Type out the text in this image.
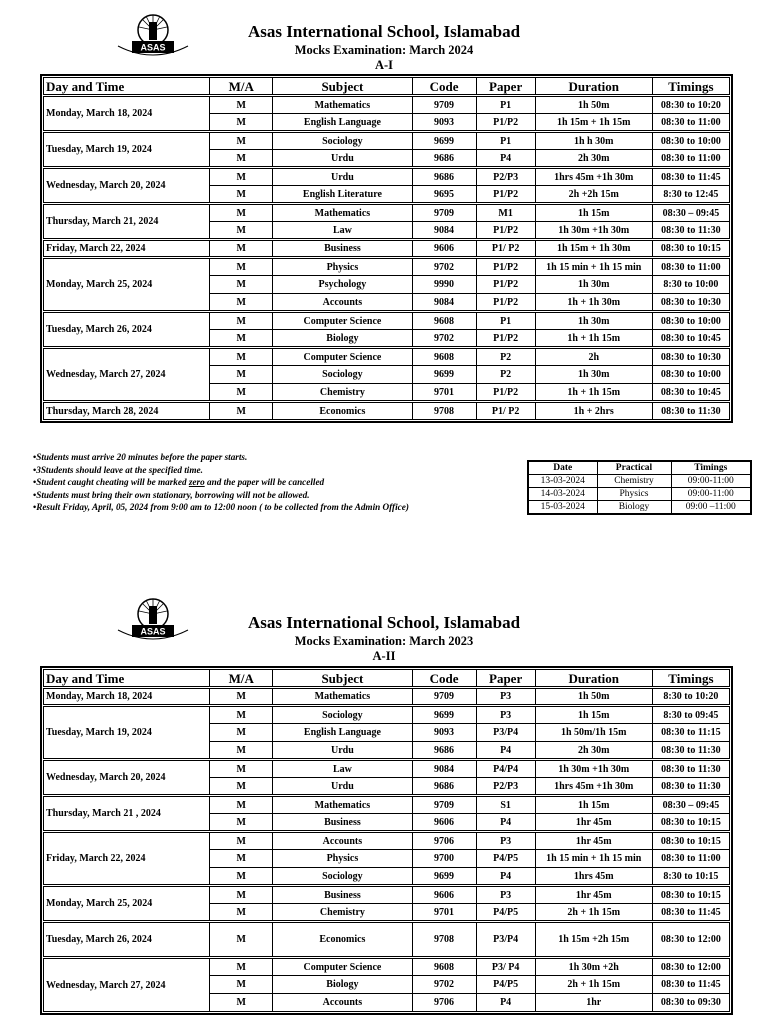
ASAS
Asas International School, Islamabad
Mocks Examination: March 2024
A-I
Day and Time	M/A	Subject	Code	Paper	Duration	Timings
Monday, March 18, 2024	M	Mathematics	9709	P1	1h 50m	08:30 to 10:20
	M	English Language	9093	P1/P2	1h 15m + 1h 15m	08:30 to 11:00
Tuesday, March 19, 2024	M	Sociology	9699	P1	1h h 30m	08:30 to 10:00
	M	Urdu	9686	P4	2h 30m	08:30 to 11:00
Wednesday, March 20, 2024	M	Urdu	9686	P2/P3	1hrs 45m +1h 30m	08:30 to 11:45
	M	English Literature	9695	P1/P2	2h +2h 15m	8:30 to 12:45
Thursday, March 21, 2024	M	Mathematics	9709	M1	1h 15m	08:30 – 09:45
	M	Law	9084	P1/P2	1h 30m +1h 30m	08:30 to 11:30
Friday, March 22, 2024	M	Business	9606	P1/ P2	1h 15m + 1h 30m	08:30 to 10:15
Monday, March 25, 2024	M	Physics	9702	P1/P2	1h 15 min + 1h 15 min	08:30 to 11:00
	M	Psychology	9990	P1/P2	1h 30m	8:30 to 10:00
	M	Accounts	9084	P1/P2	1h + 1h 30m	08:30 to 10:30
Tuesday, March 26, 2024	M	Computer Science	9608	P1	1h 30m	08:30 to 10:00
	M	Biology	9702	P1/P2	1h + 1h 15m	08:30 to 10:45
Wednesday, March 27, 2024	M	Computer Science	9608	P2	2h	08:30 to 10:30
	M	Sociology	9699	P2	1h 30m	08:30 to 10:00
	M	Chemistry	9701	P1/P2	1h + 1h 15m	08:30 to 10:45
Thursday, March 28, 2024	M	Economics	9708	P1/ P2	1h + 2hrs	08:30 to 11:30
• Students must arrive 20 minutes before the paper starts.
• 3Students should leave at the specified time.
• Student caught cheating will be marked zero and the paper will be cancelled
• Students must bring their own stationary, borrowing will not be allowed.
• Result Friday, April, 05, 2024 from 9:00 am to 12:00 noon ( to be collected from the Admin Office)
Date	Practical	Timings
13-03-2024	Chemistry	09:00-11:00
14-03-2024	Physics	09:00-11:00
15-03-2024	Biology	09:00 –11:00
ASAS	Asas International School, Islamabad
Mocks Examination: March 2023
A-II
Day and Time	M/A	Subject	Code	Paper	Duration	Timings
Monday, March 18, 2024	M	Mathematics	9709	P3	1h 50m	8:30 to 10:20
Tuesday, March 19, 2024	M	Sociology	9699	P3	1h 15m	8:30 to 09:45
	M	English Language	9093	P3/P4	1h 50m/1h 15m	08:30 to 11:15
	M	Urdu	9686	P4	2h 30m	08:30 to 11:30
Wednesday, March 20, 2024	M	Law	9084	P4/P4	1h 30m +1h 30m	08:30 to 11:30
	M	Urdu	9686	P2/P3	1hrs 45m +1h 30m	08:30 to 11:30
Thursday, March 21 , 2024	M	Mathematics	9709	S1	1h 15m	08:30 – 09:45
	M	Business	9606	P4	1hr 45m	08:30 to 10:15
Friday, March 22, 2024	M	Accounts	9706	P3	1hr 45m	08:30 to 10:15
	M	Physics	9700	P4/P5	1h 15 min + 1h 15 min	08:30 to 11:00
	M	Sociology	9699	P4	1hrs 45m	8:30 to 10:15
Monday, March 25, 2024	M	Business	9606	P3	1hr 45m	08:30 to 10:15
	M	Chemistry	9701	P4/P5	2h + 1h 15m	08:30 to 11:45
Tuesday, March 26, 2024	M	Economics	9708	P3/P4	1h 15m +2h 15m	08:30 to 12:00
Wednesday, March 27, 2024	M	Computer Science	9608	P3/ P4	1h 30m +2h	08:30 to 12:00
	M	Biology	9702	P4/P5	2h + 1h 15m	08:30 to 11:45
	M	Accounts	9706	P4	1hr	08:30 to 09:30
